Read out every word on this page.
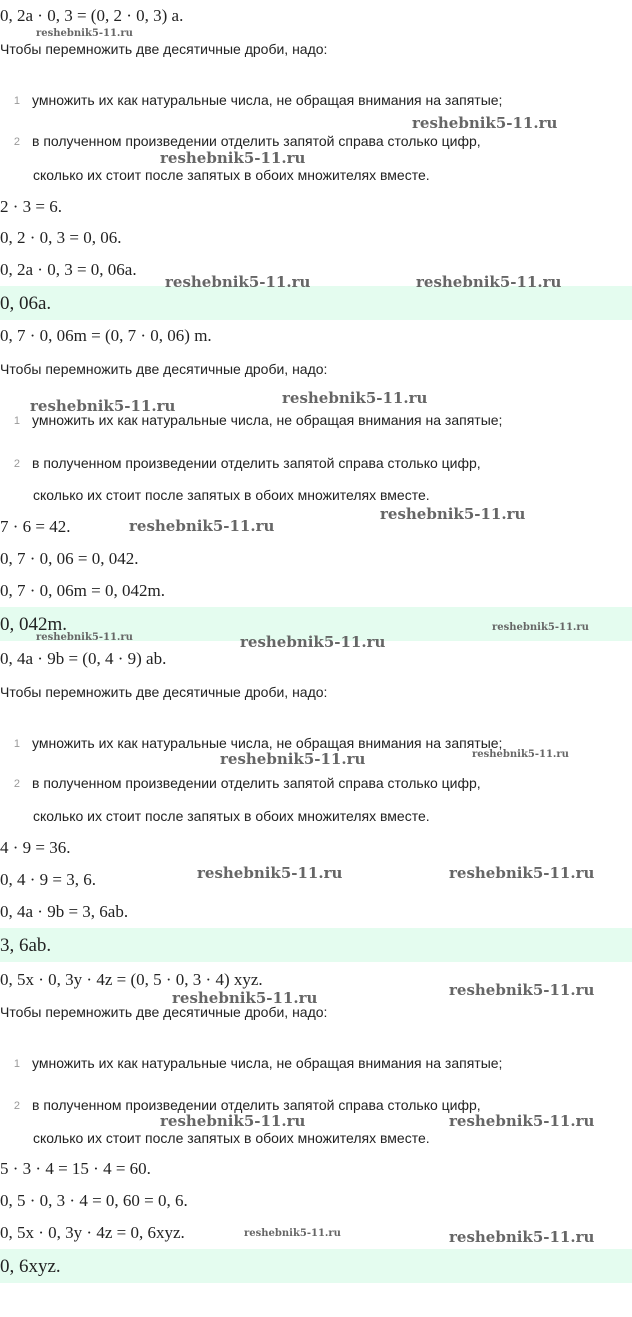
0, 2a · 0, 3 = (0, 2 · 0, 3) a.

Чтобы перемножить две десятичные дроби, надо:

1 умножить их как натуральные числа, не обращая внимания на запятые;

2 в полученном произведении отделить запятой справа столько цифр,

сколько их стоит после запятых в обоих множителях вместе.

2 · 3 = 6.

0, 2 · 0, 3 = 0, 06.

0, 2a · 0, 3 = 0, 06a.

0, 06a.

0, 7 · 0, 06m = (0, 7 · 0, 06) m.

Чтобы перемножить две десятичные дроби, надо:

1 умножить их как натуральные числа, не обращая внимания на запятые;

2 в полученном произведении отделить запятой справа столько цифр,

сколько их стоит после запятых в обоих множителях вместе.

7 · 6 = 42.

0, 7 · 0, 06 = 0, 042.

0, 7 · 0, 06m = 0, 042m.

0, 042m.

0, 4a · 9b = (0, 4 · 9) ab.

Чтобы перемножить две десятичные дроби, надо:

1 умножить их как натуральные числа, не обращая внимания на запятые;

2 в полученном произведении отделить запятой справа столько цифр,

сколько их стоит после запятых в обоих множителях вместе.

4 · 9 = 36.

0, 4 · 9 = 3, 6.

0, 4a · 9b = 3, 6ab.

3, 6ab.

0, 5x · 0, 3y · 4z = (0, 5 · 0, 3 · 4) xyz.

Чтобы перемножить две десятичные дроби, надо:

1 умножить их как натуральные числа, не обращая внимания на запятые;

2 в полученном произведении отделить запятой справа столько цифр,

сколько их стоит после запятых в обоих множителях вместе.

5 · 3 · 4 = 15 · 4 = 60.

0, 5 · 0, 3 · 4 = 0, 60 = 0, 6.

0, 5x · 0, 3y · 4z = 0, 6xyz.

0, 6xyz.

reshebnik5-11.ru

reshebnik5-11.ru

reshebnik5-11.ru

reshebnik5-11.ru	reshebnik5-11.ru

reshebnik5-11.ru

reshebnik5-11.ru

reshebnik5-11.ru

reshebnik5-11.ru

reshebnik5-11.ru

reshebnik5-11.ru	reshebnik5-11.ru

reshebnik5-11.ru	reshebnik5-11.ru

reshebnik5-11.ru	reshebnik5-11.ru

reshebnik5-11.ru

reshebnik5-11.ru

reshebnik5-11.ru	reshebnik5-11.ru

reshebnik5-11.ru	reshebnik5-11.ru
